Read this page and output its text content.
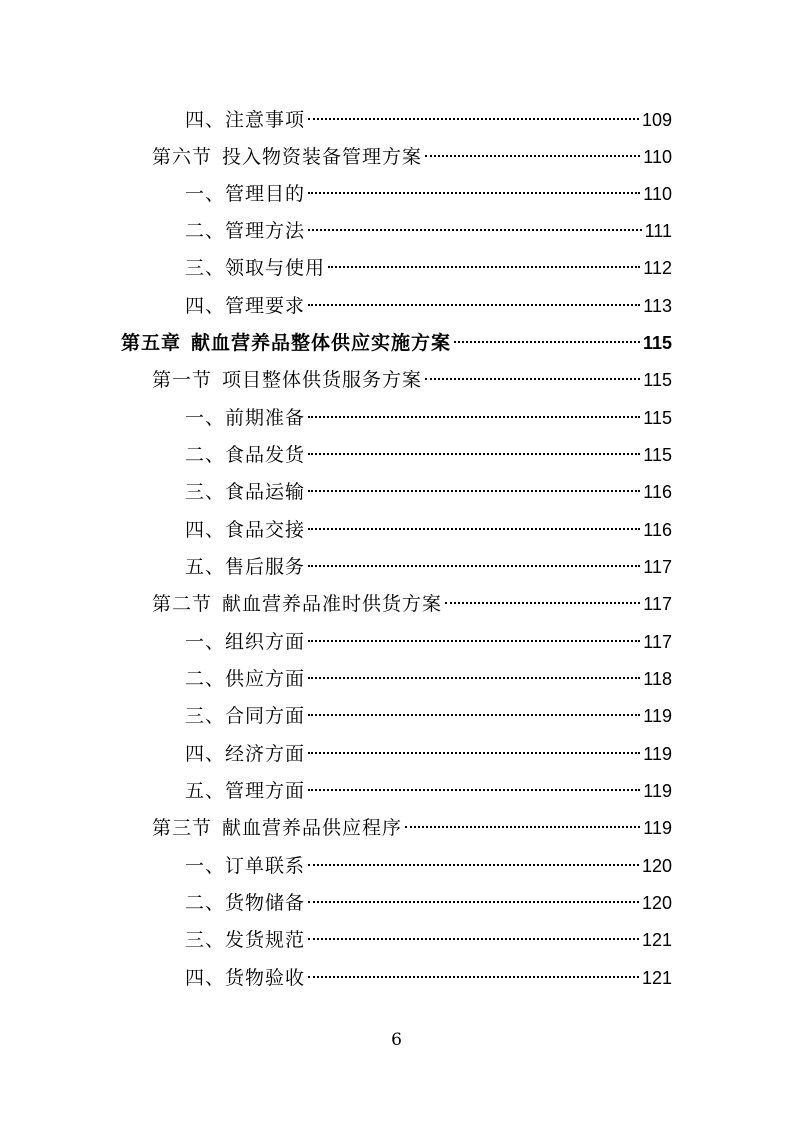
四、注意事项	109
第六节 投入物资装备管理方案	110
一、管理目的	110
二、管理方法	111
三、领取与使用	112
四、管理要求	113
第五章 献血营养品整体供应实施方案	115
第一节 项目整体供货服务方案	115
一、前期准备	115
二、食品发货	115
三、食品运输	116
四、食品交接	116
五、售后服务	117
第二节 献血营养品准时供货方案	117
一、组织方面	117
二、供应方面	118
三、合同方面	119
四、经济方面	119
五、管理方面	119
第三节 献血营养品供应程序	119
一、订单联系	120
二、货物储备	120
三、发货规范	121
四、货物验收	121
6
